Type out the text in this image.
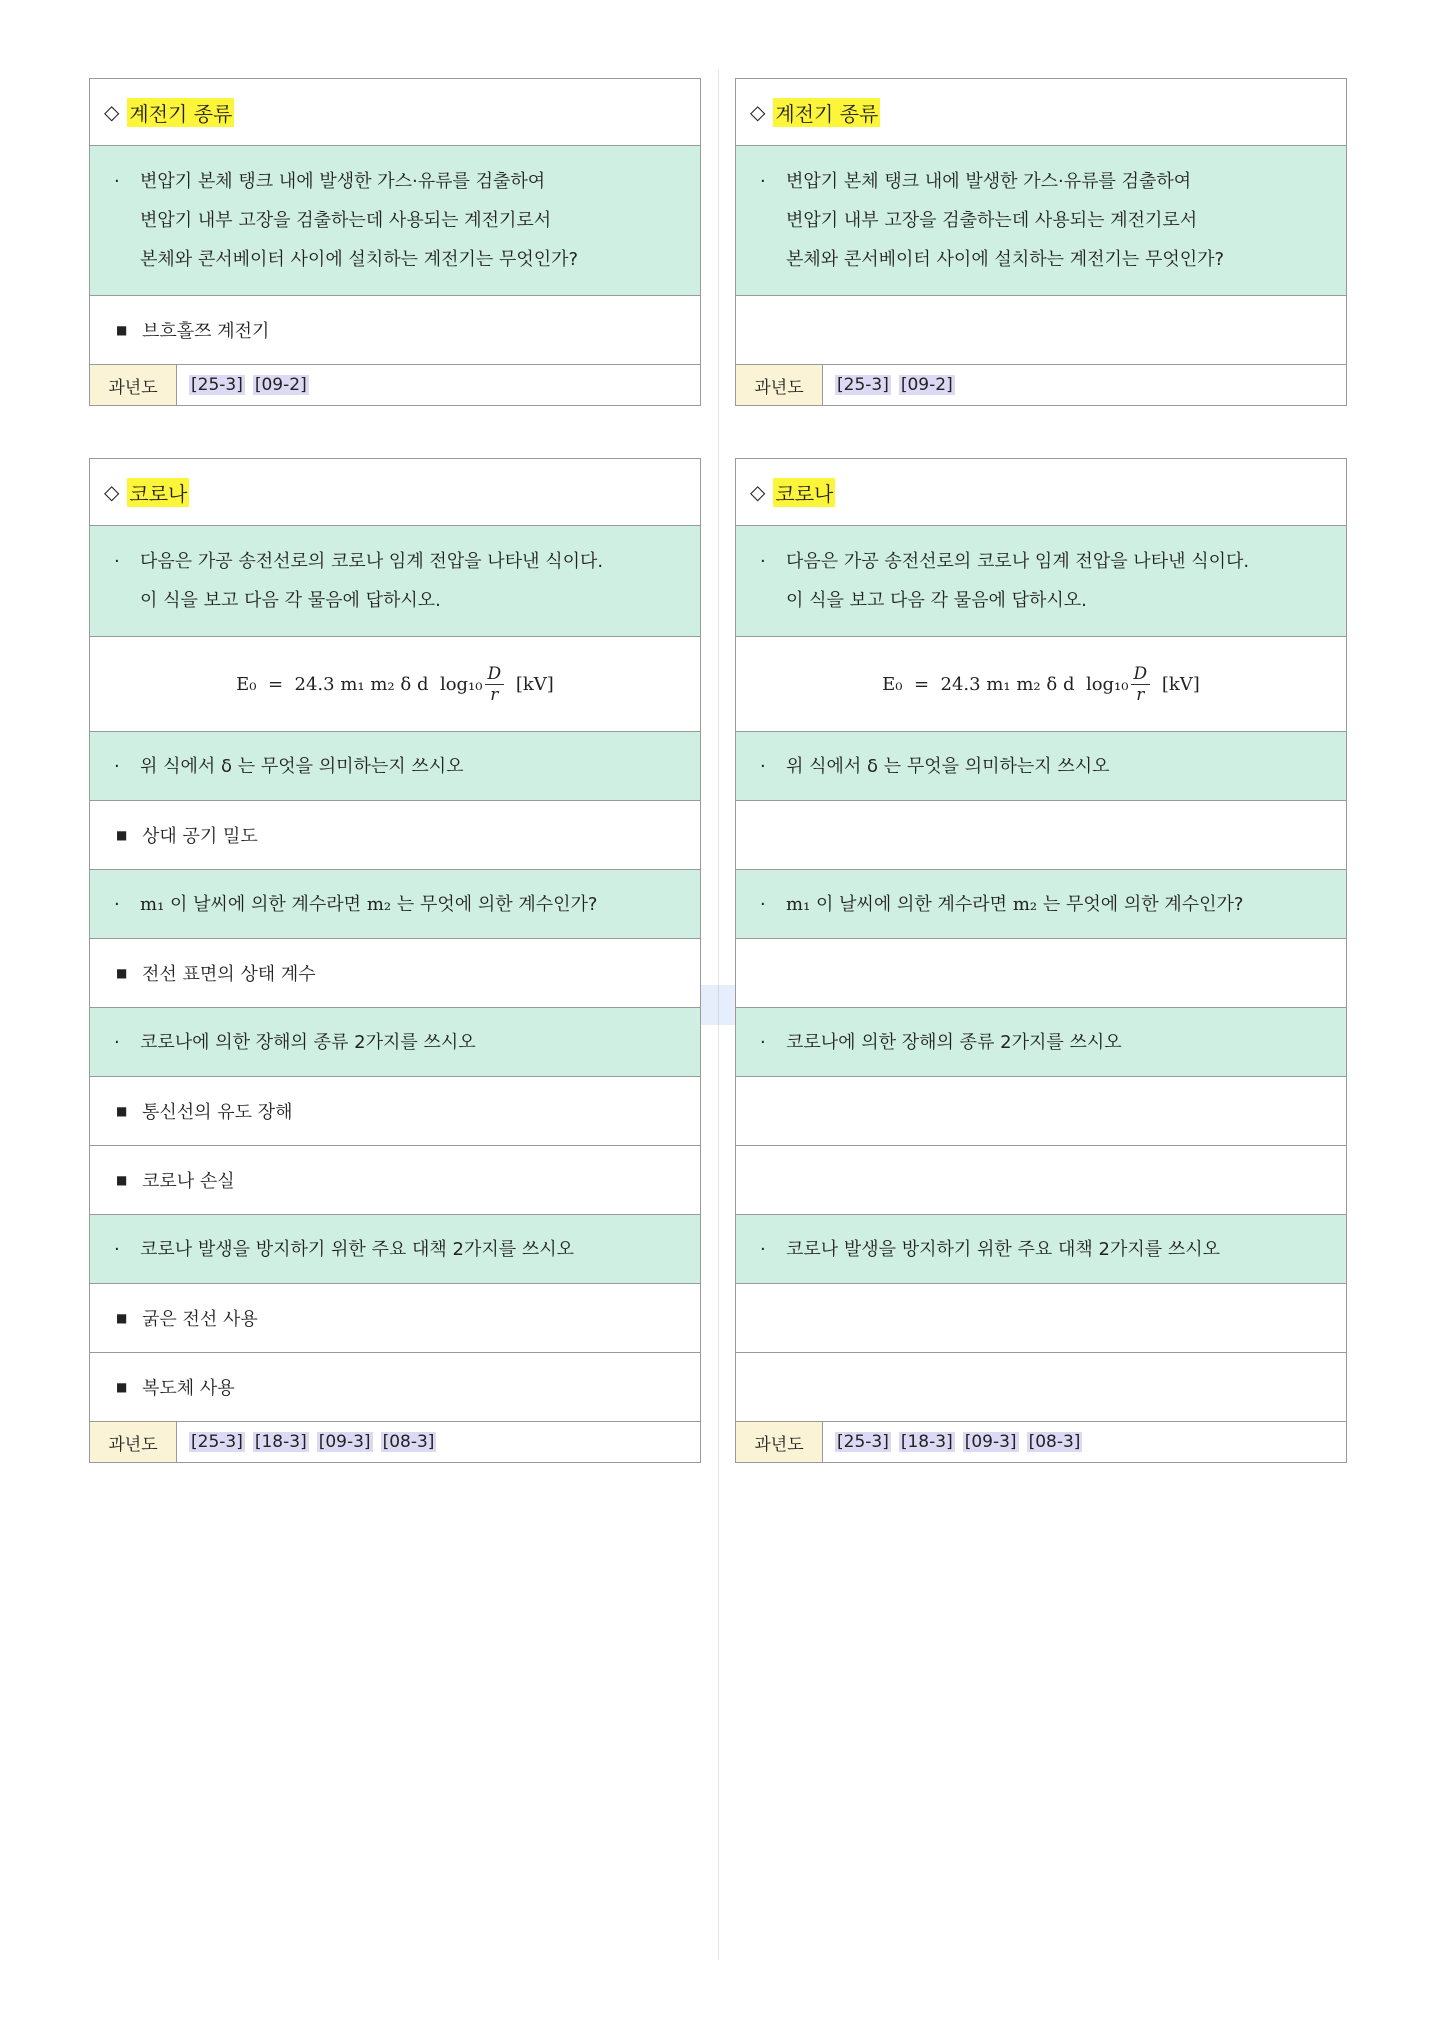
◇ 계전기 종류
·	변압기 본체 탱크 내에 발생한 가스·유류를 검출하여
변압기 내부 고장을 검출하는데 사용되는 계전기로서
본체와 콘서베이터 사이에 설치하는 계전기는 무엇인가?
■ 브흐홀쯔 계전기
과년도	[25-3] [09-2]
◇ 코로나
·	다음은 가공 송전선로의 코로나 임계 전압을 나타낸 식이다.
이 식을 보고 다음 각 물음에 답하시오.
E₀
=
24.3
m₁
m₂
δ d
$\log_{10} \frac{D}{r}$
[kV]
·	위 식에서 δ 는 무엇을 의미하는지 쓰시오
■ 상대 공기 밀도
·	m₁ 이 날씨에 의한 계수라면 m₂ 는 무엇에 의한 계수인가?
■ 전선 표면의 상태 계수
·	코로나에 의한 장해의 종류 2가지를 쓰시오
■ 통신선의 유도 장해
■ 코로나 손실
·	코로나 발생을 방지하기 위한 주요 대책 2가지를 쓰시오
■ 굵은 전선 사용
■ 복도체 사용
과년도	[25-3] [18-3] [09-3] [08-3]
◇ 계전기 종류
·	변압기 본체 탱크 내에 발생한 가스·유류를 검출하여
변압기 내부 고장을 검출하는데 사용되는 계전기로서
본체와 콘서베이터 사이에 설치하는 계전기는 무엇인가?
과년도	[25-3] [09-2]
◇ 코로나
·	다음은 가공 송전선로의 코로나 임계 전압을 나타낸 식이다.
이 식을 보고 다음 각 물음에 답하시오.
E₀
=
24.3
m₁
m₂
δ d
$\log_{10} \frac{D}{r}$
[kV]
·	위 식에서 δ 는 무엇을 의미하는지 쓰시오
·	m₁ 이 날씨에 의한 계수라면 m₂ 는 무엇에 의한 계수인가?
·	코로나에 의한 장해의 종류 2가지를 쓰시오
·	코로나 발생을 방지하기 위한 주요 대책 2가지를 쓰시오
과년도	[25-3] [18-3] [09-3] [08-3]
